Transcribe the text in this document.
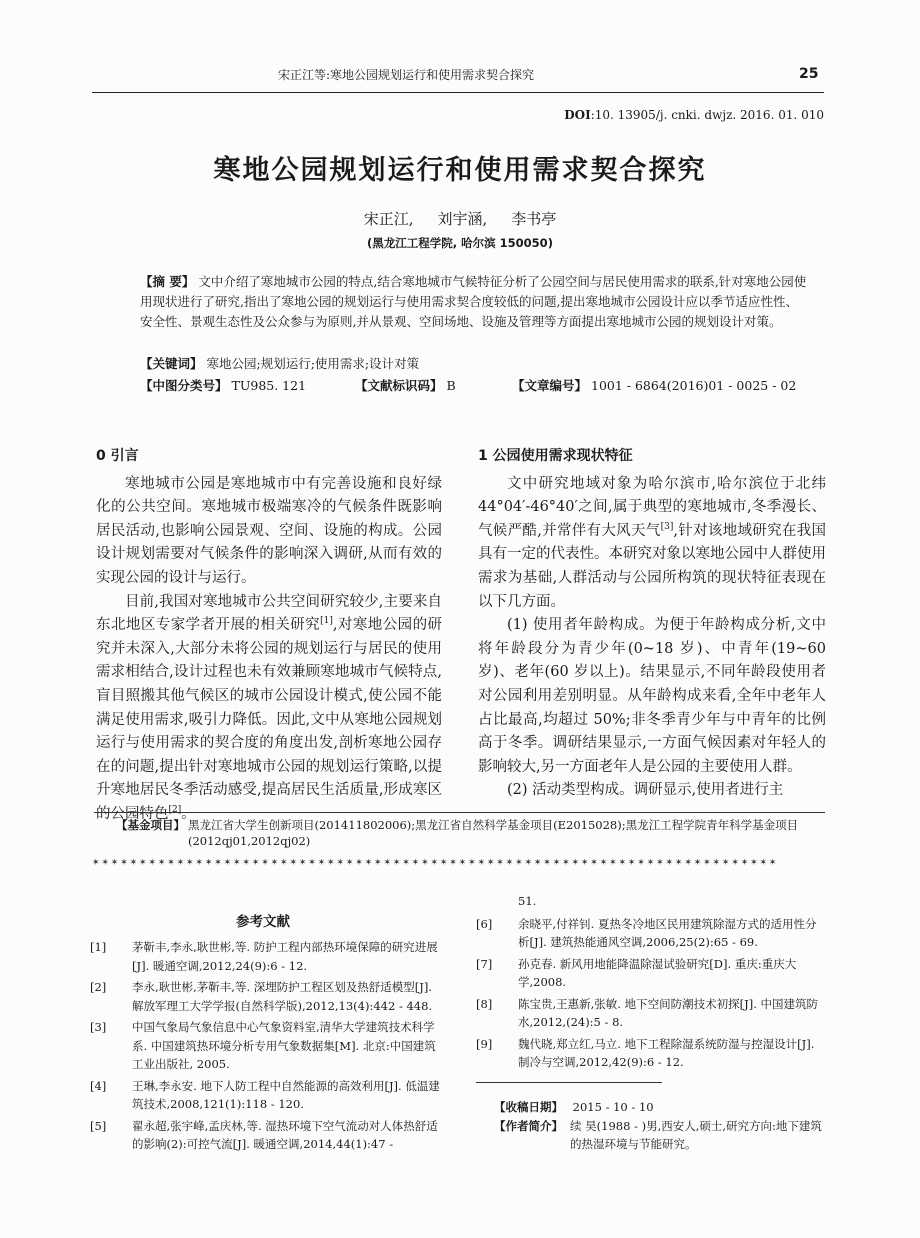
宋正江等:寒地公园规划运行和使用需求契合探究	25
DOI:10. 13905/j. cnki. dwjz. 2016. 01. 010
寒地公园规划运行和使用需求契合探究
宋正江, 刘宇涵, 李书亭
(黑龙江工程学院, 哈尔滨 150050)
【摘 要】 文中介绍了寒地城市公园的特点,结合寒地城市气候特征分析了公园空间与居民使用需求的联系,针对寒地公园使用现状进行了研究,指出了寒地公园的规划运行与使用需求契合度较低的问题,提出寒地城市公园设计应以季节适应性性、安全性、景观生态性及公众参与为原则,并从景观、空间场地、设施及管理等方面提出寒地城市公园的规划设计对策。
【关键词】 寒地公园;规划运行;使用需求;设计对策
【中图分类号】 TU985. 121	【文献标识码】 B	【文章编号】 1001 - 6864(2016)01 - 0025 - 02
0 引言

寒地城市公园是寒地城市中有完善设施和良好绿化的公共空间。寒地城市极端寒冷的气候条件既影响居民活动,也影响公园景观、空间、设施的构成。公园设计规划需要对气候条件的影响深入调研,从而有效的实现公园的设计与运行。

目前,我国对寒地城市公共空间研究较少,主要来自东北地区专家学者开展的相关研究[1],对寒地公园的研究并未深入,大部分未将公园的规划运行与居民的使用需求相结合,设计过程也未有效兼顾寒地城市气候特点,盲目照搬其他气候区的城市公园设计模式,使公园不能满足使用需求,吸引力降低。因此,文中从寒地公园规划运行与使用需求的契合度的角度出发,剖析寒地公园存在的问题,提出针对寒地城市公园的规划运行策略,以提升寒地居民冬季活动感受,提高居民生活质量,形成寒区的公园特色[2]。

1 公园使用需求现状特征

文中研究地域对象为哈尔滨市,哈尔滨位于北纬44°04′-46°40′之间,属于典型的寒地城市,冬季漫长、气候严酷,并常伴有大风天气[3],针对该地域研究在我国具有一定的代表性。本研究对象以寒地公园中人群使用需求为基础,人群活动与公园所构筑的现状特征表现在以下几方面。

(1) 使用者年龄构成。为便于年龄构成分析,文中将年龄段分为青少年(0~18 岁)、中青年(19~60 岁)、老年(60 岁以上)。结果显示,不同年龄段使用者对公园利用差别明显。从年龄构成来看,全年中老年人占比最高,均超过 50%;非冬季青少年与中青年的比例高于冬季。调研结果显示,一方面气候因素对年轻人的影响较大,另一方面老年人是公园的主要使用人群。

(2) 活动类型构成。调研显示,使用者进行主

【基金项目】 黑龙江省大学生创新项目(201411802006);黑龙江省自然科学基金项目(E2015028);黑龙江工程学院青年科学基金项目(2012qj01,2012qj02)
✶ ✶ ✶ ✶ ✶ ✶ ✶ ✶ ✶ ✶ ✶ ✶ ✶ ✶ ✶ ✶ ✶ ✶ ✶ ✶ ✶ ✶ ✶ ✶ ✶ ✶ ✶ ✶ ✶ ✶ ✶ ✶ ✶ ✶ ✶ ✶ ✶ ✶ ✶ ✶ ✶ ✶ ✶ ✶ ✶ ✶ ✶ ✶ ✶ ✶ ✶ ✶ ✶ ✶ ✶ ✶ ✶ ✶ ✶ ✶ ✶ ✶ ✶ ✶ ✶ ✶ ✶ ✶ ✶ ✶ ✶ ✶ ✶
参考文献
[1] 茅靳丰,李永,耿世彬,等. 防护工程内部热环境保障的研究进展[J]. 暖通空调,2012,24(9):6 - 12.
[2] 李永,耿世彬,茅靳丰,等. 深埋防护工程区划及热舒适模型[J]. 解放军理工大学学报(自然科学版),2012,13(4):442 - 448.
[3] 中国气象局气象信息中心气象资料室,清华大学建筑技术科学系. 中国建筑热环境分析专用气象数据集[M]. 北京:中国建筑工业出版社, 2005.
[4] 王琳,李永安. 地下人防工程中自然能源的高效利用[J]. 低温建筑技术,2008,121(1):118 - 120.
[5] 翟永超,张宇峰,孟庆林,等. 湿热环境下空气流动对人体热舒适的影响(2):可控气流[J]. 暖通空调,2014,44(1):47 -
51.
[6] 余晓平,付祥钊. 夏热冬冷地区民用建筑除湿方式的适用性分析[J]. 建筑热能通风空调,2006,25(2):65 - 69.
[7] 孙克春. 新风用地能降温除湿试验研究[D]. 重庆:重庆大学,2008.
[8] 陈宝贵,王惠新,张敏. 地下空间防潮技术初探[J]. 中国建筑防水,2012,(24):5 - 8.
[9] 魏代晓,郑立红,马立. 地下工程除湿系统防湿与控湿设计[J]. 制冷与空调,2012,42(9):6 - 12.
【收稿日期】 2015 - 10 - 10
【作者简介】 续 昊(1988 - )男,西安人,硕士,研究方向:地下建筑的热湿环境与节能研究。
